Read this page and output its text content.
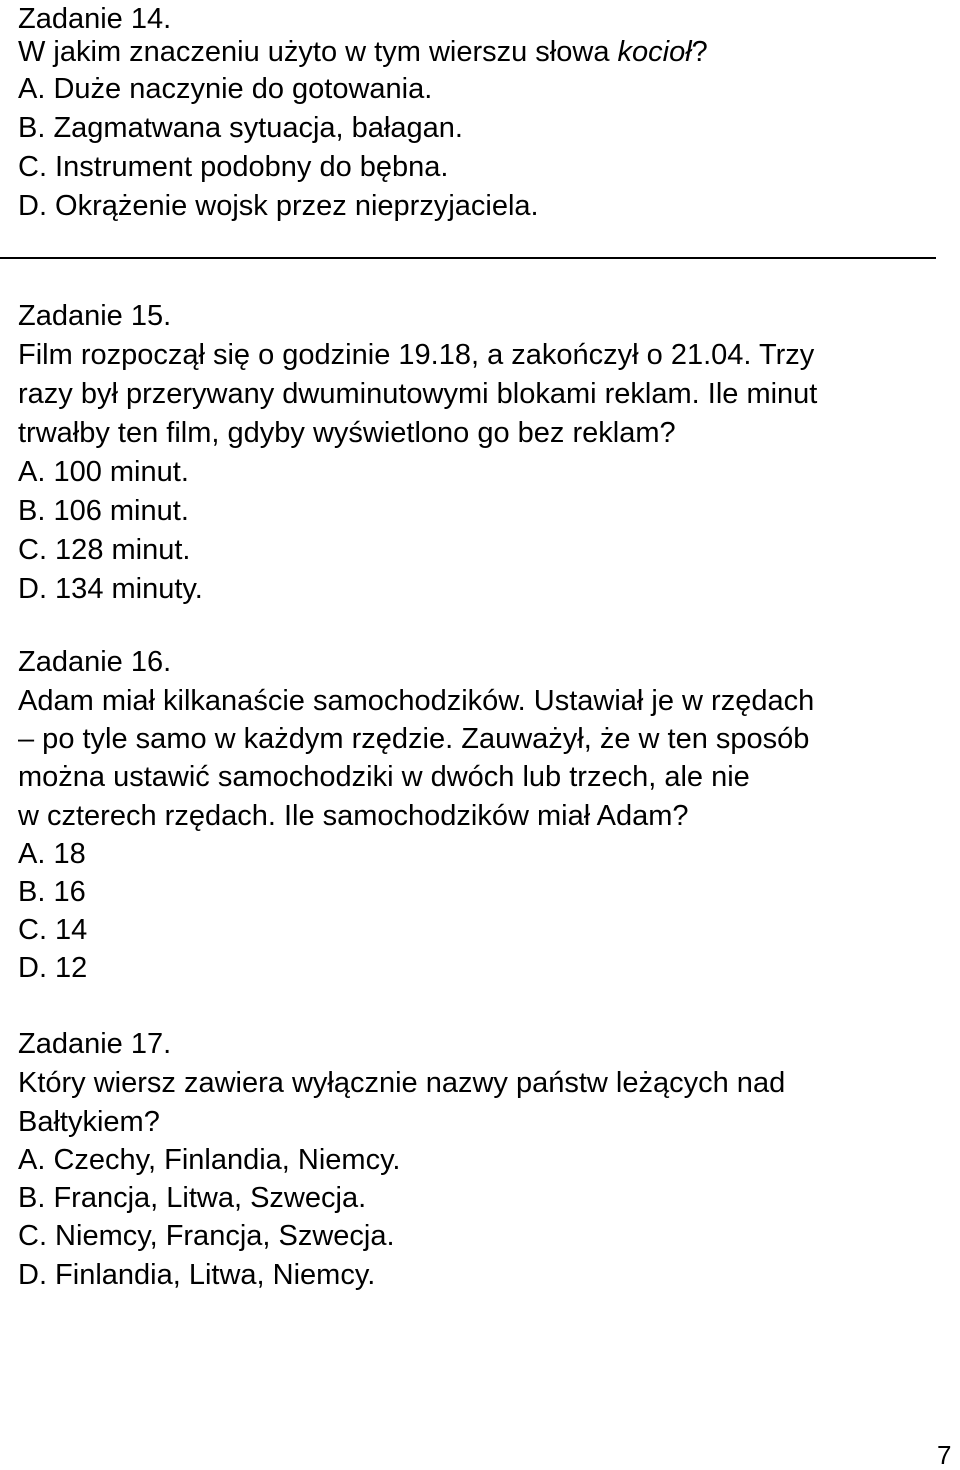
Zadanie 14.
W jakim znaczeniu użyto w tym wierszu słowa kocioł?
A. Duże naczynie do gotowania.
B. Zagmatwana sytuacja, bałagan.
C. Instrument podobny do bębna.
D. Okrążenie wojsk przez nieprzyjaciela.
Zadanie 15.
Film rozpoczął się o godzinie 19.18, a zakończył o 21.04. Trzy
razy był przerywany dwuminutowymi blokami reklam. Ile minut
trwałby ten film, gdyby wyświetlono go bez reklam?
A. 100 minut.
B. 106 minut.
C. 128 minut.
D. 134 minuty.
Zadanie 16.
Adam miał kilkanaście samochodzików. Ustawiał je w rzędach
– po tyle samo w każdym rzędzie. Zauważył, że w ten sposób
można ustawić samochodziki w dwóch lub trzech, ale nie
w czterech rzędach. Ile samochodzików miał Adam?
A. 18
B. 16
C. 14
D. 12
Zadanie 17.
Który wiersz zawiera wyłącznie nazwy państw leżących nad
Bałtykiem?
A. Czechy, Finlandia, Niemcy.
B. Francja, Litwa, Szwecja.
C. Niemcy, Francja, Szwecja.
D. Finlandia, Litwa, Niemcy.
7
